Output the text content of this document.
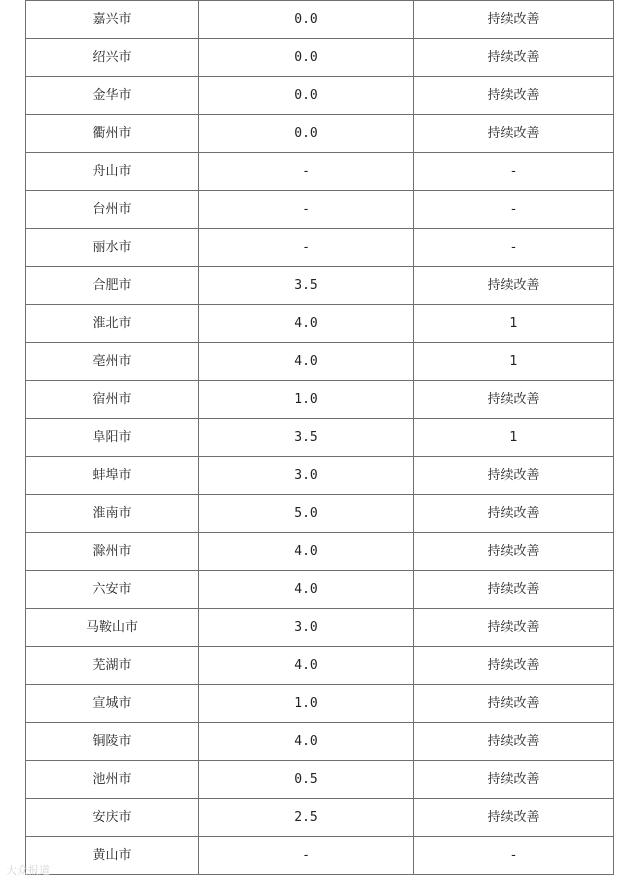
嘉兴市	0.0	持续改善
绍兴市	0.0	持续改善
金华市	0.0	持续改善
衢州市	0.0	持续改善
舟山市	-	-
台州市	-	-
丽水市	-	-
合肥市	3.5	持续改善
淮北市	4.0	1
亳州市	4.0	1
宿州市	1.0	持续改善
阜阳市	3.5	1
蚌埠市	3.0	持续改善
淮南市	5.0	持续改善
滁州市	4.0	持续改善
六安市	4.0	持续改善
马鞍山市	3.0	持续改善
芜湖市	4.0	持续改善
宣城市	1.0	持续改善
铜陵市	4.0	持续改善
池州市	0.5	持续改善
安庆市	2.5	持续改善
黄山市	-	-
大众报道
